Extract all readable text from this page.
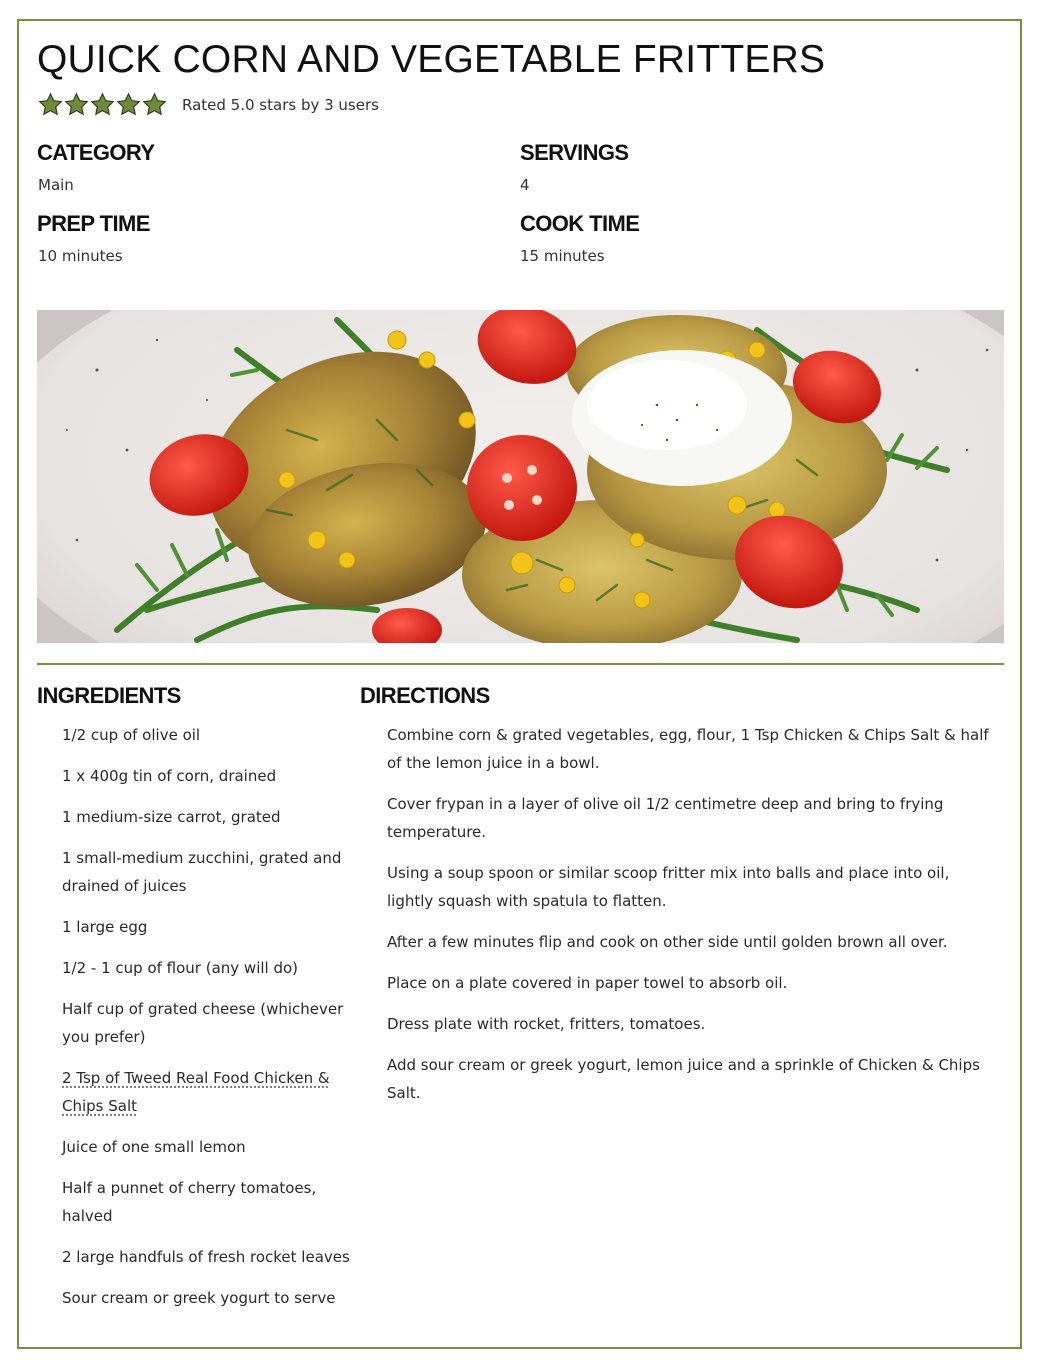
QUICK CORN AND VEGETABLE FRITTERS
Rated 5.0 stars by 3 users
CATEGORY
Main
SERVINGS
4
PREP TIME
10 minutes
COOK TIME
15 minutes
INGREDIENTS
1/2 cup of olive oil
1 x 400g tin of corn, drained
1 medium-size carrot, grated
1 small-medium zucchini, grated and drained of juices
1 large egg
1/2 - 1 cup of flour (any will do)
Half cup of grated cheese (whichever you prefer)
2 Tsp of Tweed Real Food Chicken & Chips Salt
Juice of one small lemon
Half a punnet of cherry tomatoes, halved
2 large handfuls of fresh rocket leaves
Sour cream or greek yogurt to serve
DIRECTIONS
Combine corn & grated vegetables, egg, flour, 1 Tsp Chicken & Chips Salt & half of the lemon juice in a bowl.
Cover frypan in a layer of olive oil 1/2 centimetre deep and bring to frying temperature.
Using a soup spoon or similar scoop fritter mix into balls and place into oil, lightly squash with spatula to flatten.
After a few minutes flip and cook on other side until golden brown all over.
Place on a plate covered in paper towel to absorb oil.
Dress plate with rocket, fritters, tomatoes.
Add sour cream or greek yogurt, lemon juice and a sprinkle of Chicken & Chips Salt.
